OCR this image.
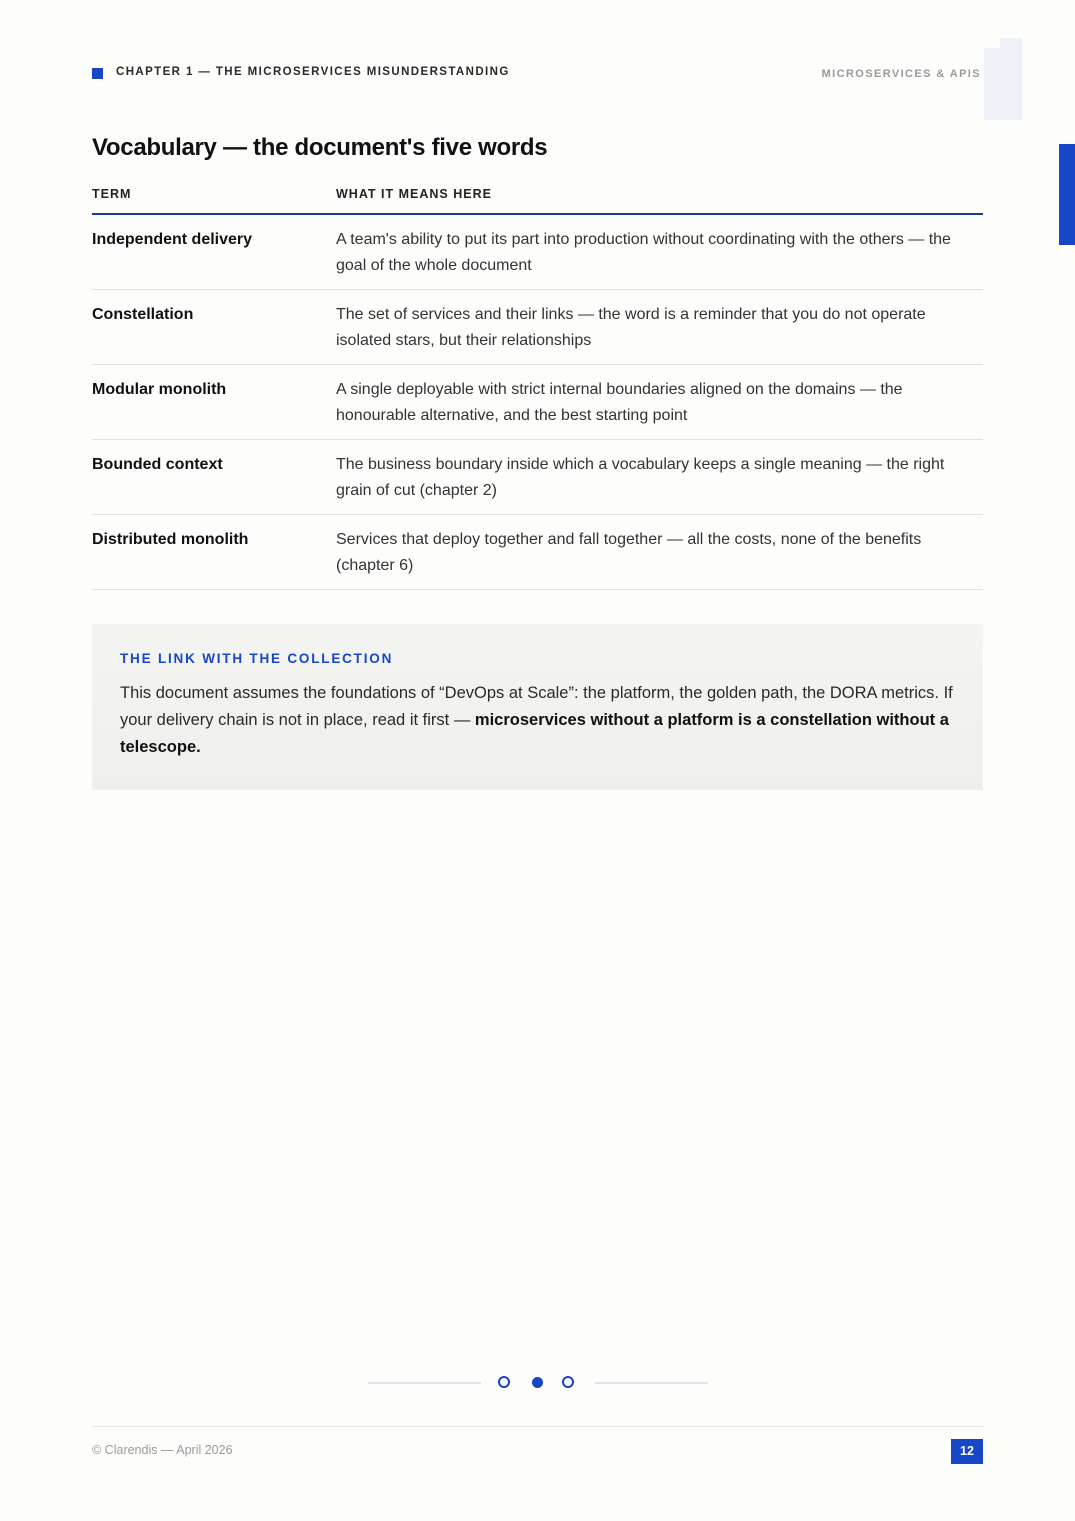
CHAPTER 1 — THE MICROSERVICES MISUNDERSTANDING	MICROSERVICES & APIS
Vocabulary — the document's five words
TERM	WHAT IT MEANS HERE
Independent delivery	A team's ability to put its part into production without coordinating with the others — the goal of the whole document
Constellation	The set of services and their links — the word is a reminder that you do not operate isolated stars, but their relationships
Modular monolith	A single deployable with strict internal boundaries aligned on the domains — the honourable alternative, and the best starting point
Bounded context	The business boundary inside which a vocabulary keeps a single meaning — the right grain of cut (chapter 2)
Distributed monolith	Services that deploy together and fall together — all the costs, none of the benefits (chapter 6)
THE LINK WITH THE COLLECTION
This document assumes the foundations of “DevOps at Scale”: the platform, the golden path, the DORA metrics. If your delivery chain is not in place, read it first — microservices without a platform is a constellation without a telescope.
© Clarendis — April 2026	12
